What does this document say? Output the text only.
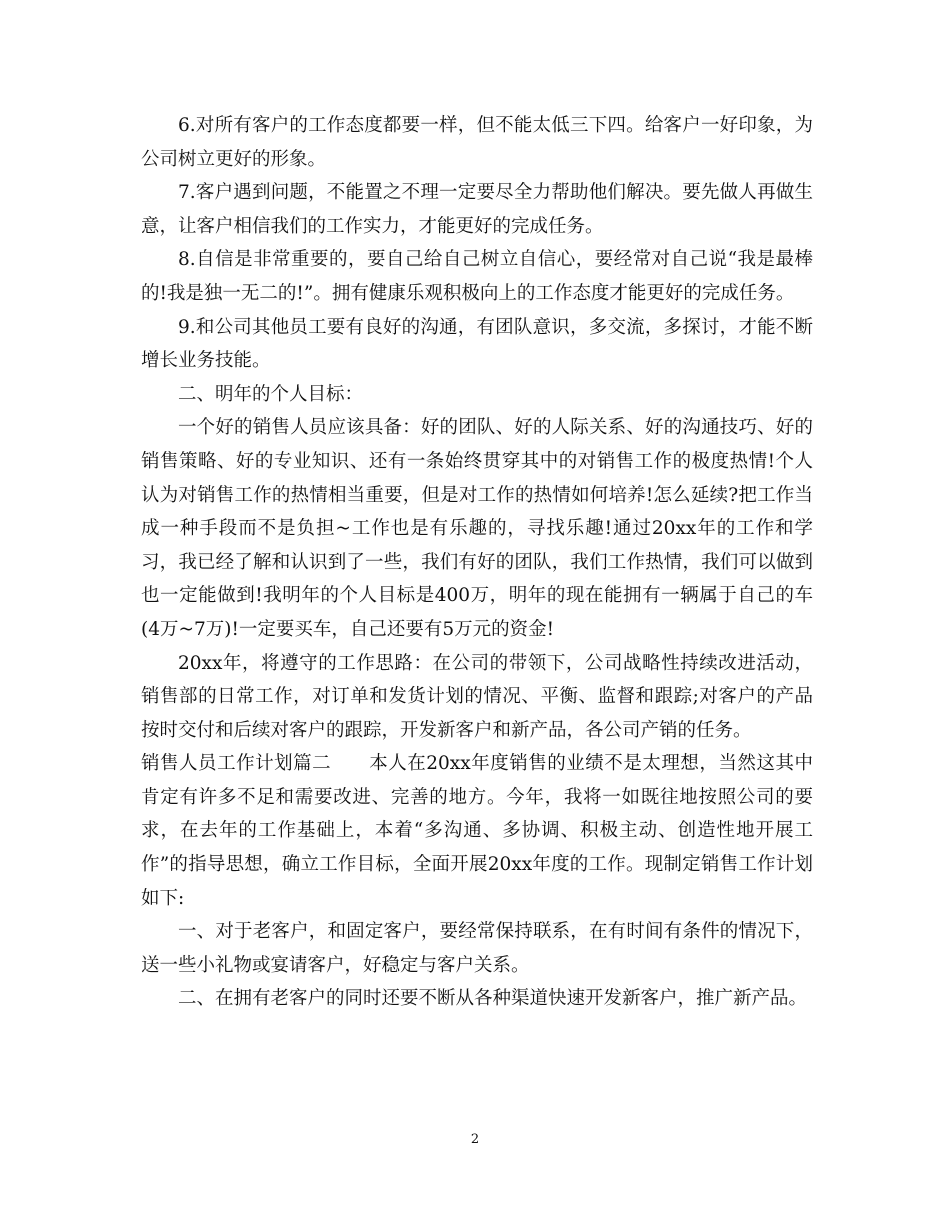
6.对所有客户的工作态度都要一样，但不能太低三下四。给客户一好印象，为公司树立更好的形象。

7.客户遇到问题，不能置之不理一定要尽全力帮助他们解决。要先做人再做生意，让客户相信我们的工作实力，才能更好的完成任务。

8.自信是非常重要的，要自己给自己树立自信心，要经常对自己说“我是最棒的!我是独一无二的!”。拥有健康乐观积极向上的工作态度才能更好的完成任务。

9.和公司其他员工要有良好的沟通，有团队意识，多交流，多探讨，才能不断增长业务技能。

二、明年的个人目标：

一个好的销售人员应该具备：好的团队、好的人际关系、好的沟通技巧、好的销售策略、好的专业知识、还有一条始终贯穿其中的对销售工作的极度热情!个人认为对销售工作的热情相当重要，但是对工作的热情如何培养!怎么延续?把工作当成一种手段而不是负担~工作也是有乐趣的，寻找乐趣!通过20xx年的工作和学习，我已经了解和认识到了一些，我们有好的团队，我们工作热情，我们可以做到也一定能做到!我明年的个人目标是400万，明年的现在能拥有一辆属于自己的车(4万~7万)!一定要买车，自己还要有5万元的资金!

20xx年，将遵守的工作思路：在公司的带领下，公司战略性持续改进活动，销售部的日常工作，对订单和发货计划的情况、平衡、监督和跟踪;对客户的产品按时交付和后续对客户的跟踪，开发新客户和新产品，各公司产销的任务。

销售人员工作计划篇二　　本人在20xx年度销售的业绩不是太理想，当然这其中肯定有许多不足和需要改进、完善的地方。今年，我将一如既往地按照公司的要求，在去年的工作基础上，本着“多沟通、多协调、积极主动、创造性地开展工作”的指导思想，确立工作目标，全面开展20xx年度的工作。现制定销售工作计划如下:

一、对于老客户，和固定客户，要经常保持联系，在有时间有条件的情况下，送一些小礼物或宴请客户，好稳定与客户关系。

二、在拥有老客户的同时还要不断从各种渠道快速开发新客户，推广新产品。

2
